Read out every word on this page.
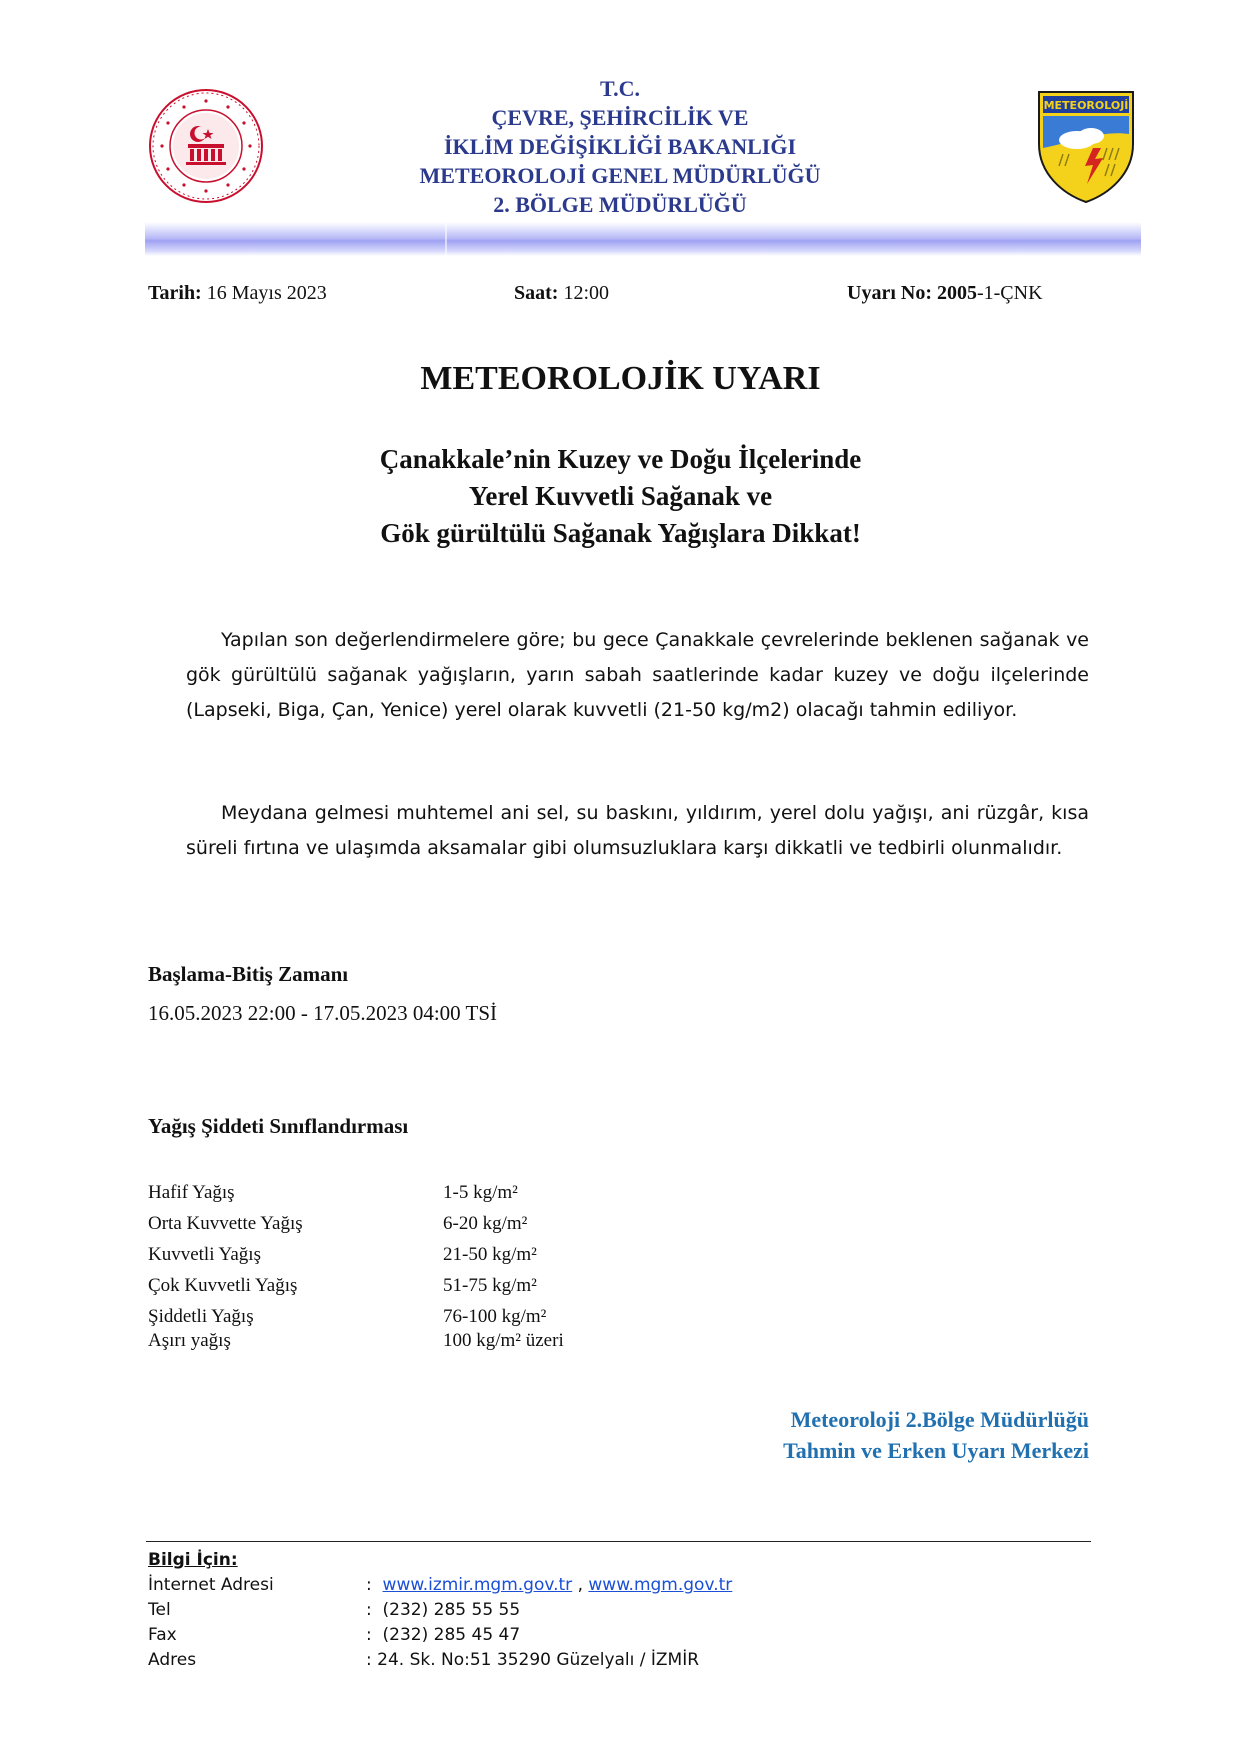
T.C.
ÇEVRE, ŞEHİRCİLİK VE
İKLİM DEĞİŞİKLİĞİ BAKANLIĞI
METEOROLOJİ GENEL MÜDÜRLÜĞÜ
2. BÖLGE MÜDÜRLÜĞÜ
METEOROLOJİ
Tarih: 16 Mayıs 2023	Saat: 12:00	Uyarı No: 2005-1-ÇNK
METEOROLOJİK UYARI
Çanakkale’nin Kuzey ve Doğu İlçelerinde
Yerel Kuvvetli Sağanak ve
Gök gürültülü Sağanak Yağışlara Dikkat!
Yapılan son değerlendirmelere göre; bu gece Çanakkale çevrelerinde beklenen sağanak ve gök gürültülü sağanak yağışların, yarın sabah saatlerinde kadar kuzey ve doğu ilçelerinde (Lapseki, Biga, Çan, Yenice) yerel olarak kuvvetli (21-50 kg/m2) olacağı tahmin ediliyor.
Meydana gelmesi muhtemel ani sel, su baskını, yıldırım, yerel dolu yağışı, ani rüzgâr, kısa süreli fırtına ve ulaşımda aksamalar gibi olumsuzluklara karşı dikkatli ve tedbirli olunmalıdır.
Başlama-Bitiş Zamanı
16.05.2023 22:00 - 17.05.2023 04:00 TSİ
Yağış Şiddeti Sınıflandırması
Hafif Yağış	1-5 kg/m²
Orta Kuvvette Yağış	6-20 kg/m²
Kuvvetli Yağış	21-50 kg/m²
Çok Kuvvetli Yağış	51-75 kg/m²
Şiddetli Yağış	76-100 kg/m²
Aşırı yağış	100 kg/m² üzeri
Meteoroloji 2.Bölge Müdürlüğü
Tahmin ve Erken Uyarı Merkezi
Bilgi İçin:
İnternet Adresi	: www.izmir.mgm.gov.tr , www.mgm.gov.tr
Tel	: (232) 285 55 55
Fax	: (232) 285 45 47
Adres	: 24. Sk. No:51 35290 Güzelyalı / İZMİR
